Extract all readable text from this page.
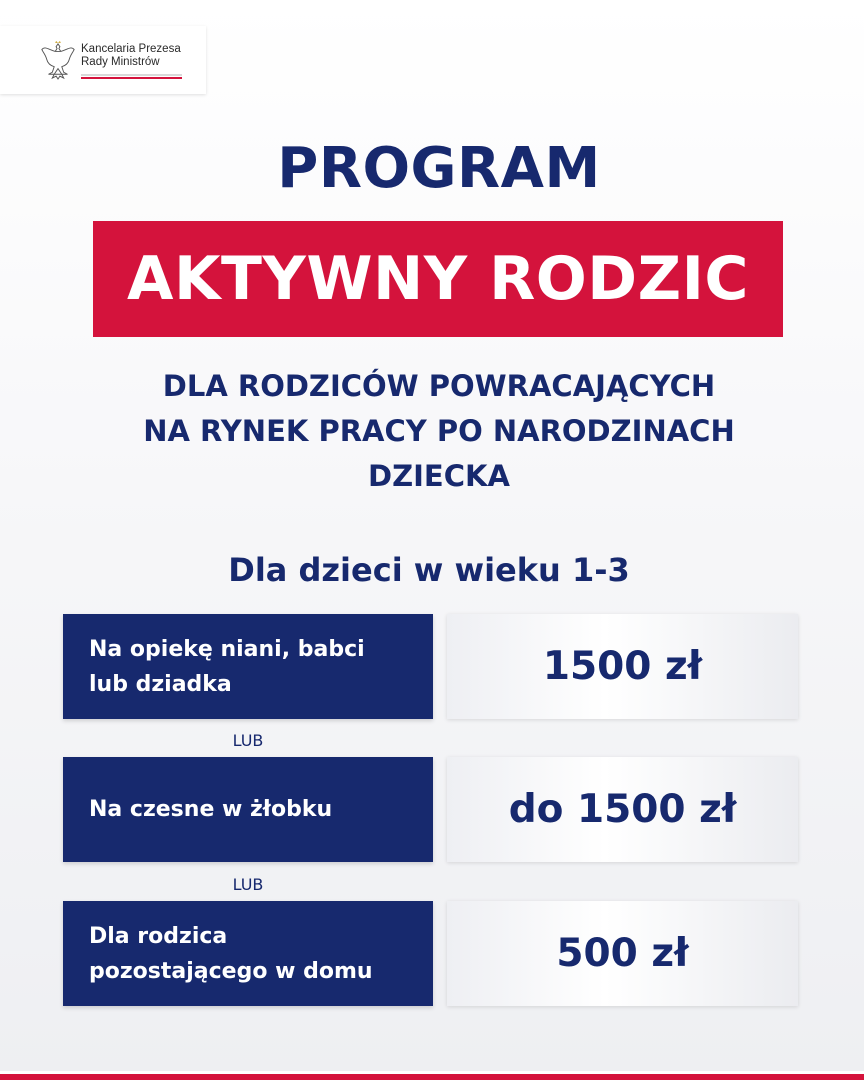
Kancelaria Prezesa
Rady Ministrów
PROGRAM
AKTYWNY RODZIC
DLA RODZICÓW POWRACAJĄCYCH
NA RYNEK PRACY PO NARODZINACH
DZIECKA
Dla dzieci w wieku 1-3
Na opiekę niani, babci
lub dziadka	1500 zł
LUB
Na czesne w żłobku	do 1500 zł
LUB
Dla rodzica
pozostającego w domu	500 zł
